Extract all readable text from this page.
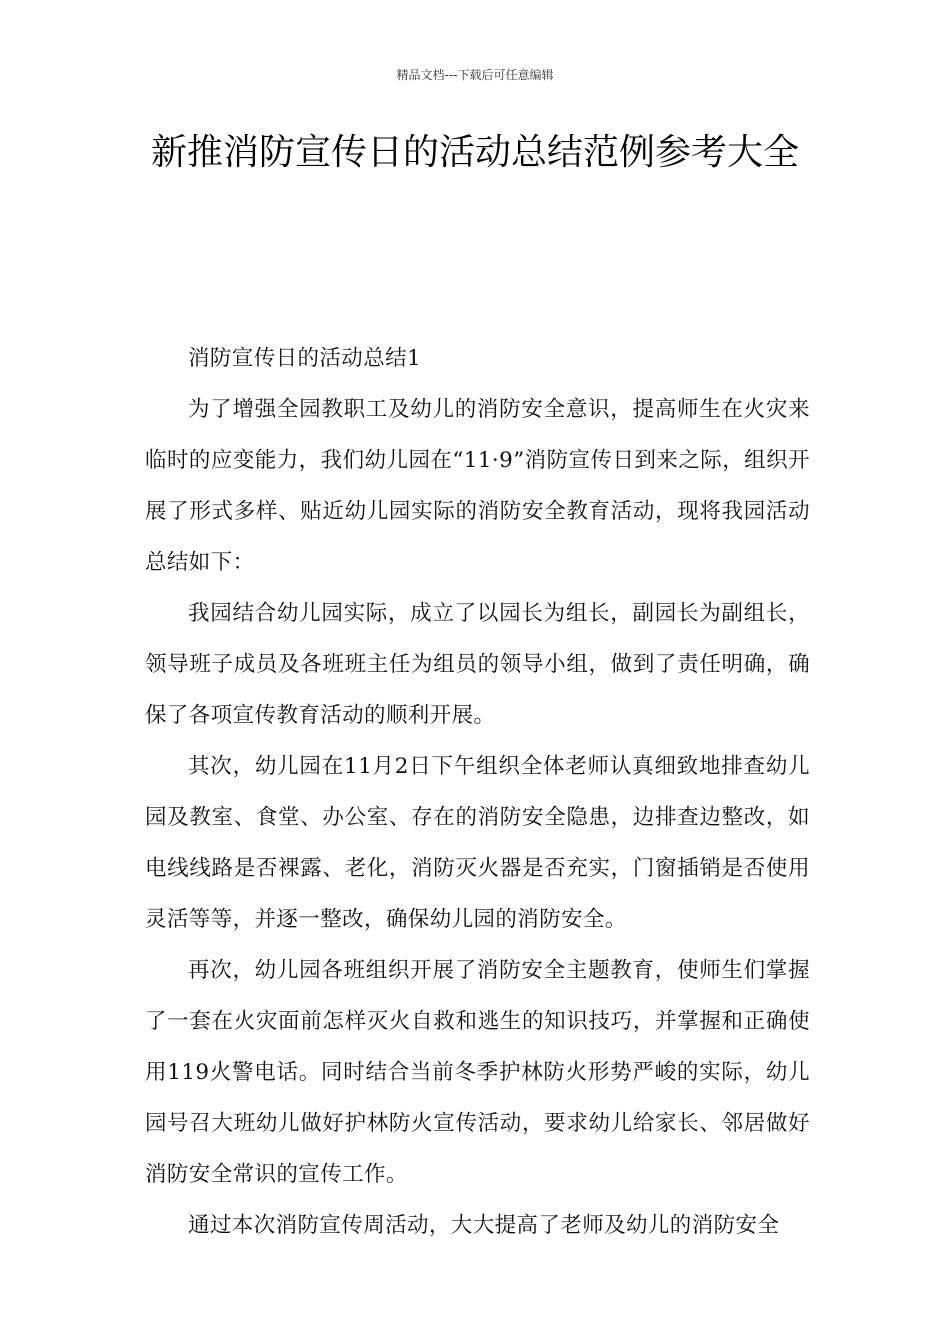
精品文档---下载后可任意编辑
新推消防宣传日的活动总结范例参考大全

消防宣传日的活动总结1

为了增强全园教职工及幼儿的消防安全意识，提高师生在火灾来临时的应变能力，我们幼儿园在“11·9”消防宣传日到来之际，组织开展了形式多样、贴近幼儿园实际的消防安全教育活动，现将我园活动总结如下：

我园结合幼儿园实际，成立了以园长为组长，副园长为副组长，领导班子成员及各班班主任为组员的领导小组，做到了责任明确，确保了各项宣传教育活动的顺利开展。

其次，幼儿园在11月2日下午组织全体老师认真细致地排查幼儿园及教室、食堂、办公室、存在的消防安全隐患，边排查边整改，如电线线路是否裸露、老化，消防灭火器是否充实，门窗插销是否使用灵活等等，并逐一整改，确保幼儿园的消防安全。

再次，幼儿园各班组织开展了消防安全主题教育，使师生们掌握了一套在火灾面前怎样灭火自救和逃生的知识技巧，并掌握和正确使用119火警电话。同时结合当前冬季护林防火形势严峻的实际，幼儿园号召大班幼儿做好护林防火宣传活动，要求幼儿给家长、邻居做好消防安全常识的宣传工作。

通过本次消防宣传周活动，大大提高了老师及幼儿的消防安全
